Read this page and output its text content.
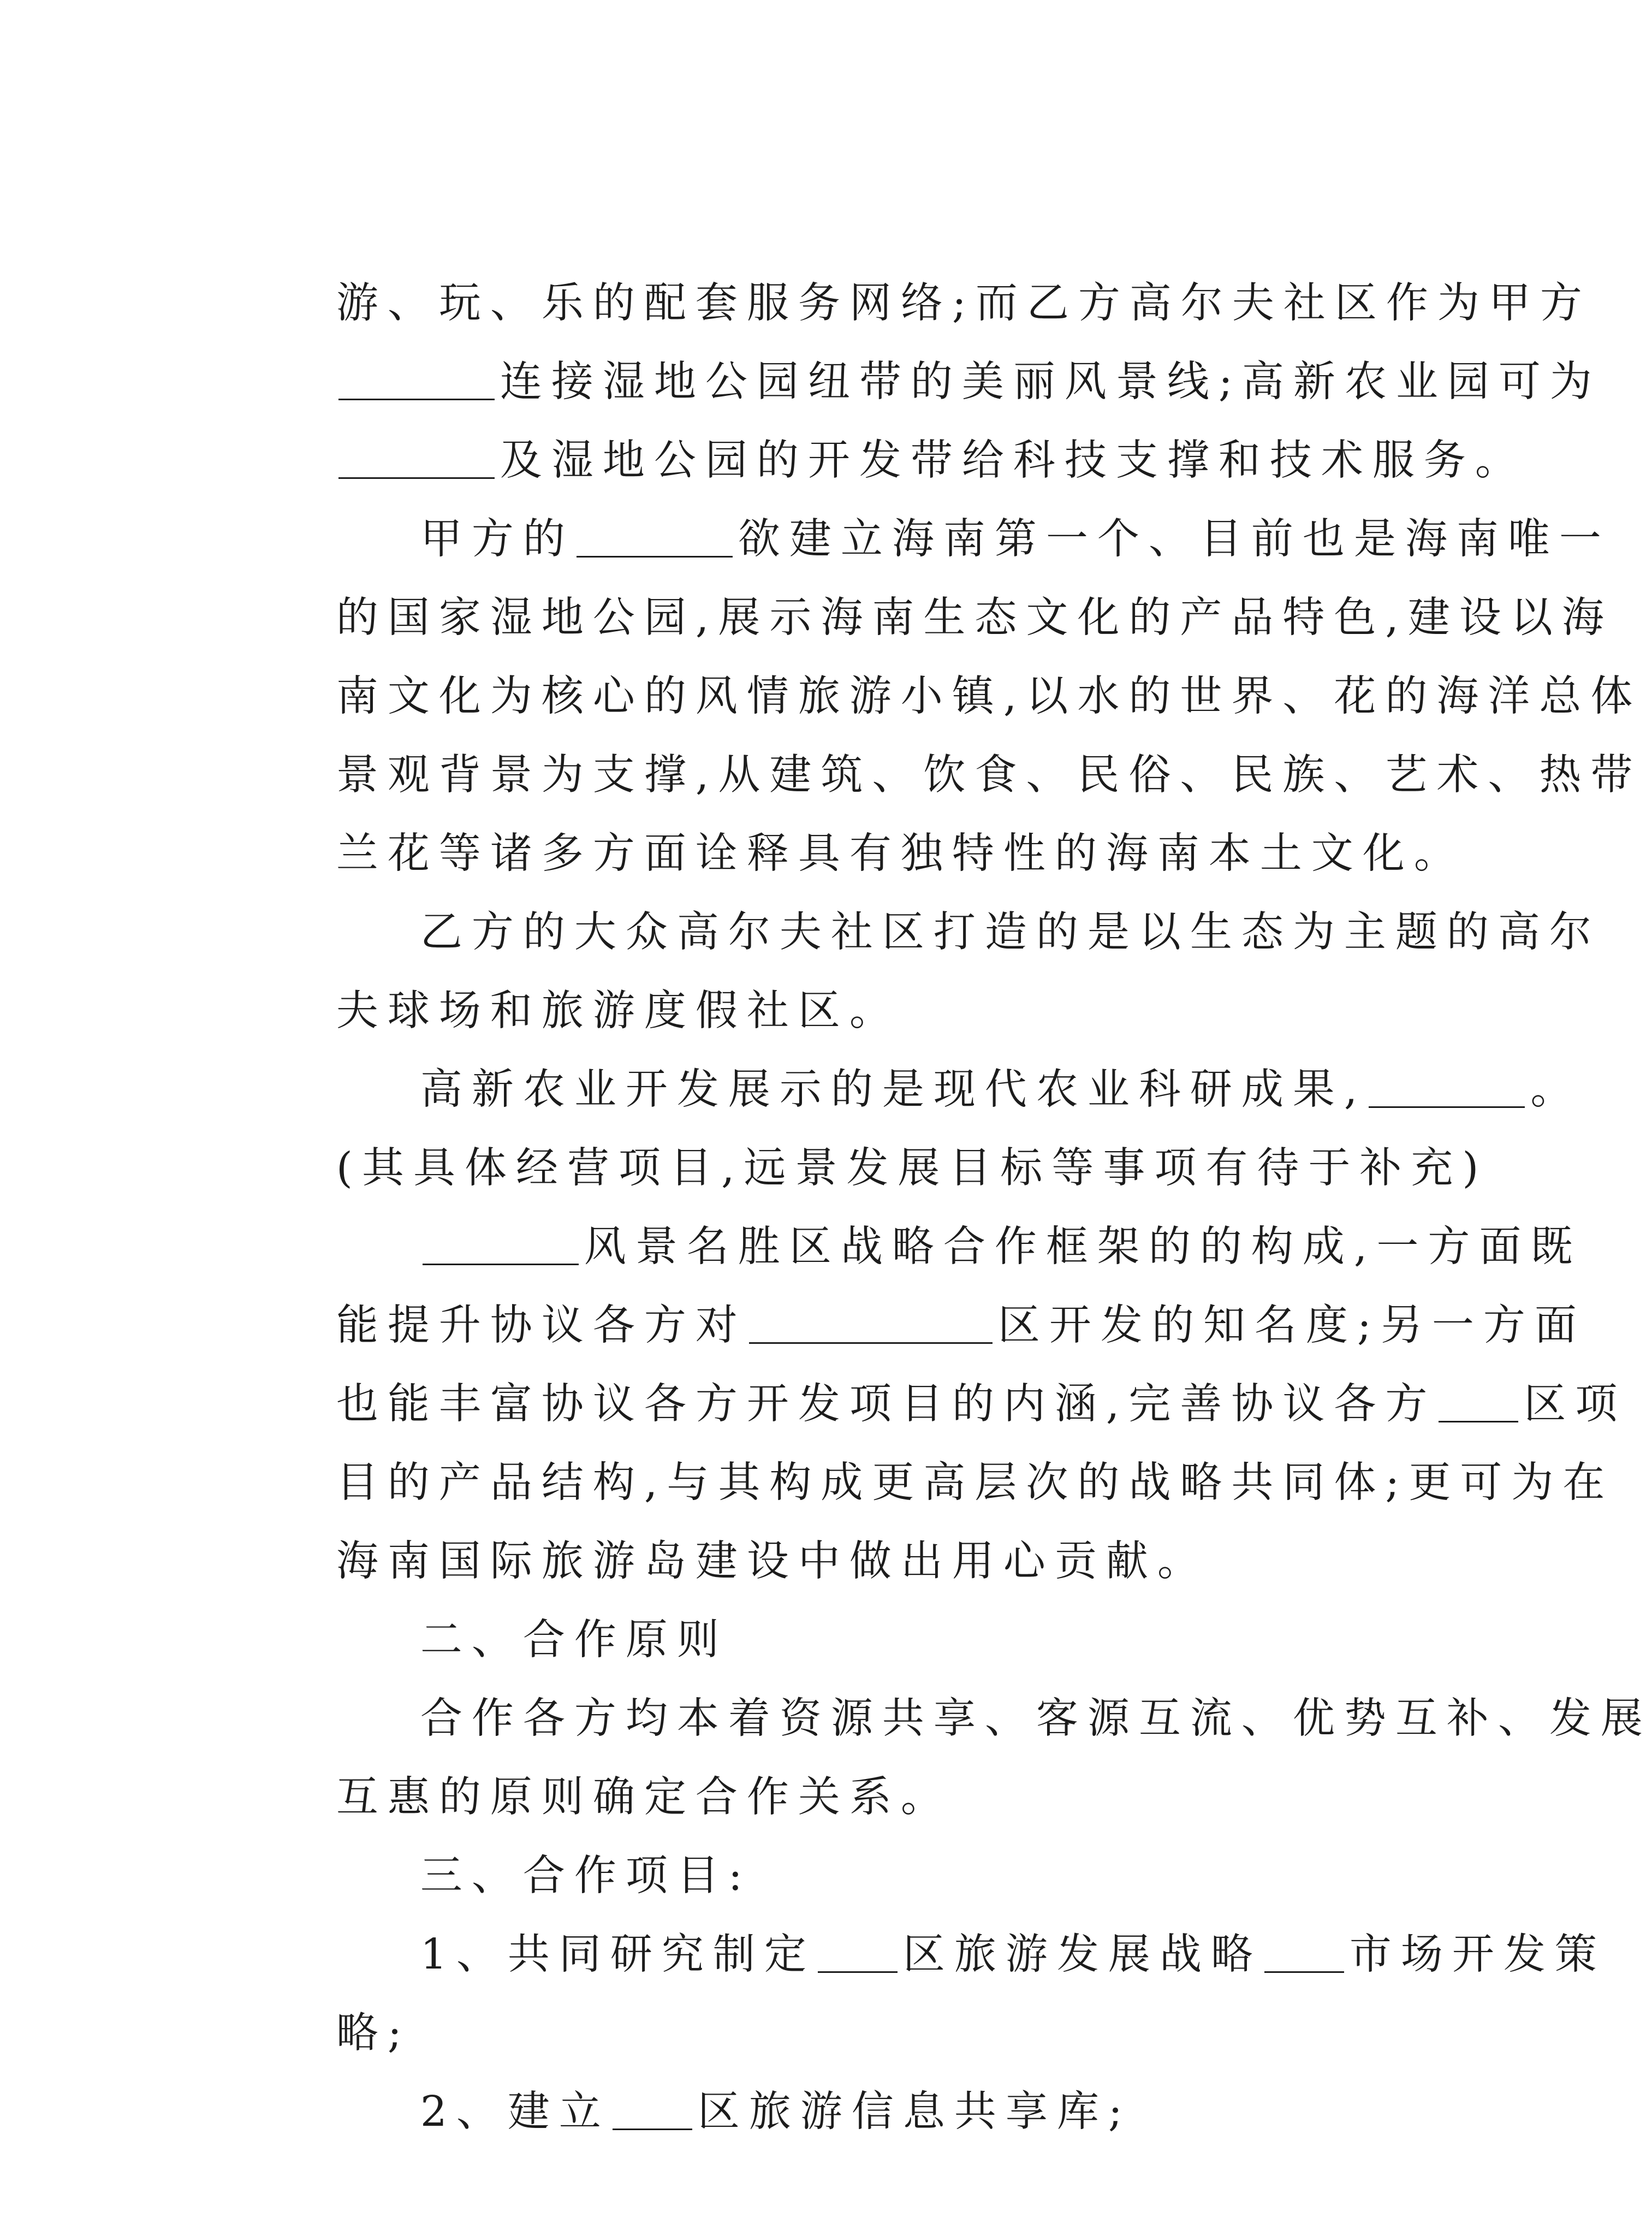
游、玩、乐的配套服务网络;而乙方高尔夫社区作为甲方

连接湿地公园纽带的美丽风景线;高新农业园可为

及湿地公园的开发带给科技支撑和技术服务。

甲方的	欲建立海南第一个、目前也是海南唯一

的国家湿地公园,展示海南生态文化的产品特色,建设以海

南文化为核心的风情旅游小镇,以水的世界、花的海洋总体

景观背景为支撑,从建筑、饮食、民俗、民族、艺术、热带

兰花等诸多方面诠释具有独特性的海南本土文化。

乙方的大众高尔夫社区打造的是以生态为主题的高尔

夫球场和旅游度假社区。

高新农业开发展示的是现代农业科研成果,	。

(其具体经营项目,远景发展目标等事项有待于补充)

风景名胜区战略合作框架的的构成,一方面既

能提升协议各方对	区开发的知名度;另一方面

也能丰富协议各方开发项目的内涵,完善协议各方 区项

目的产品结构,与其构成更高层次的战略共同体;更可为在

海南国际旅游岛建设中做出用心贡献。

二、合作原则

合作各方均本着资源共享、客源互流、优势互补、发展

互惠的原则确定合作关系。

三、合作项目:

1、共同研究制定 区旅游发展战略 市场开发策

略;

2、建立 区旅游信息共享库;
